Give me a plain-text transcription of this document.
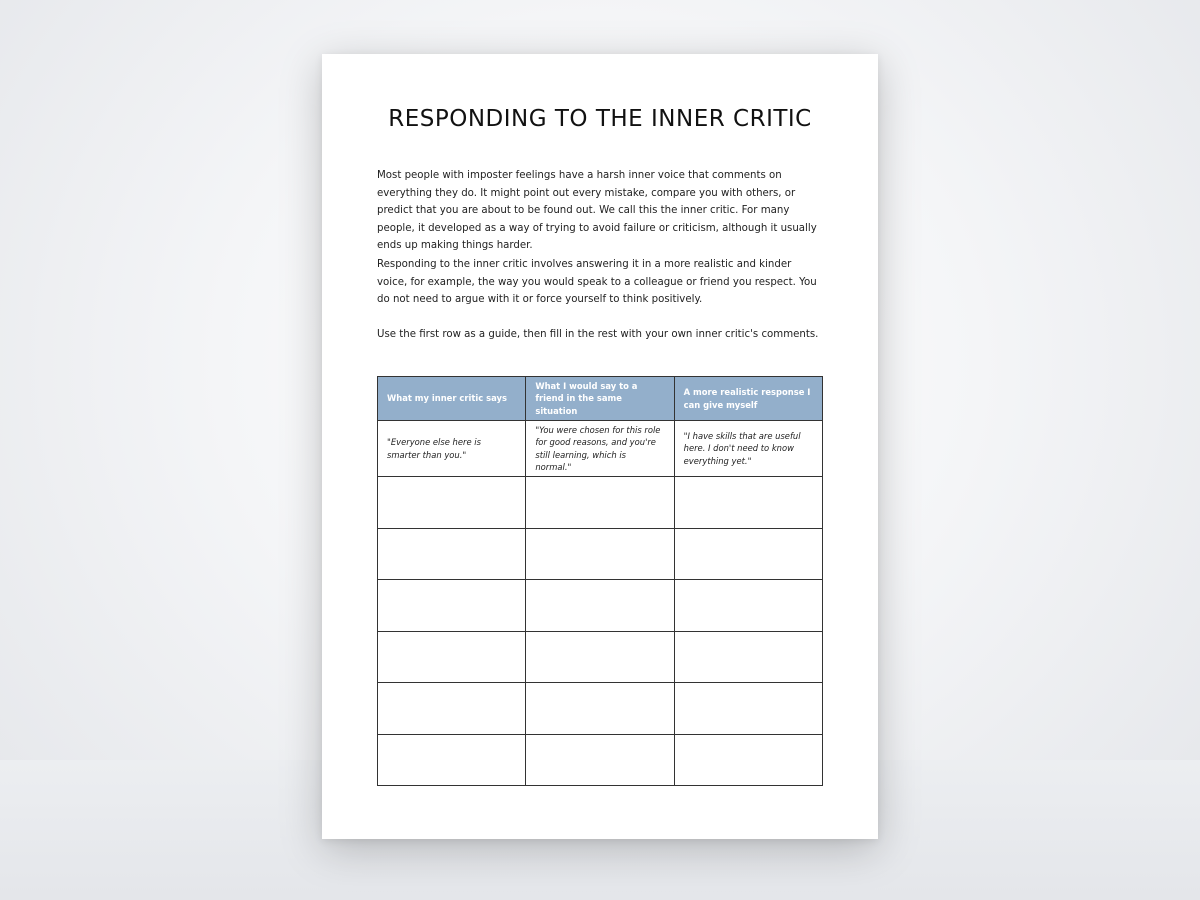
RESPONDING TO THE INNER CRITIC

Most people with imposter feelings have a harsh inner voice that comments on everything they do. It might point out every mistake, compare you with others, or predict that you are about to be found out. We call this the inner critic. For many people, it developed as a way of trying to avoid failure or criticism, although it usually ends up making things harder.

Responding to the inner critic involves answering it in a more realistic and kinder voice, for example, the way you would speak to a colleague or friend you respect. You do not need to argue with it or force yourself to think positively.

Use the first row as a guide, then fill in the rest with your own inner critic's comments.

What my inner critic says	What I would say to a friend in the same situation	A more realistic response I can give myself
"Everyone else here is smarter than you."	"You were chosen for this role for good reasons, and you're still learning, which is normal."	"I have skills that are useful here. I don't need to know everything yet."
